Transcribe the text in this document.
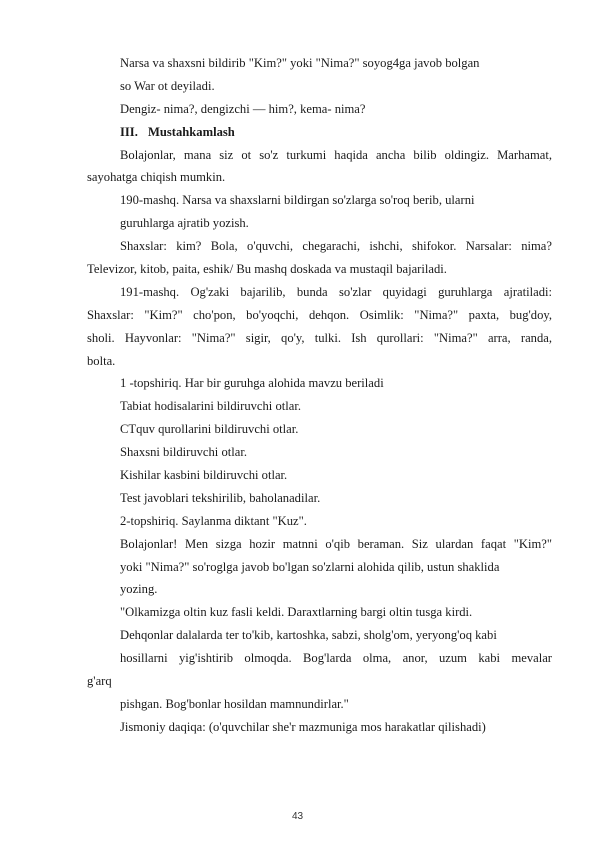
Narsa va shaxsni bildirib "Kim?" yoki "Nima?" soyog4ga javob bolgan
so War ot deyiladi.
Dengiz- nima?, dengizchi — him?, kema- nima?
III. Mustahkamlash
Bolajonlar, mana siz ot so'z turkumi haqida ancha bilib oldingiz. Marhamat,
sayohatga chiqish mumkin.
190-mashq. Narsa va shaxslarni bildirgan so'zlarga so'roq berib, ularni
guruhlarga ajratib yozish.
Shaxslar: kim? Bola, o'quvchi, chegarachi, ishchi, shifokor. Narsalar: nima?
Televizor, kitob, paita, eshik/ Bu mashq doskada va mustaqil bajariladi.
191-mashq. Og'zaki bajarilib, bunda so'zlar quyidagi guruhlarga ajratiladi:
Shaxslar: "Kim?" cho'pon, bo'yoqchi, dehqon. Osimlik: "Nima?" paxta, bug'doy,
sholi. Hayvonlar: "Nima?" sigir, qo'y, tulki. Ish qurollari: "Nima?" arra, randa,
bolta.
1 -topshiriq. Har bir guruhga alohida mavzu beriladi
Tabiat hodisalarini bildiruvchi otlar.
CTquv qurollarini bildiruvchi otlar.
Shaxsni bildiruvchi otlar.
Kishilar kasbini bildiruvchi otlar.
Test javoblari tekshirilib, baholanadilar.
2-topshiriq. Saylanma diktant "Kuz".
Bolajonlar! Men sizga hozir matnni o'qib beraman. Siz ulardan faqat "Kim?"
yoki "Nima?" so'roglga javob bo'lgan so'zlarni alohida qilib, ustun shaklida
yozing.
"Olkamizga oltin kuz fasli keldi. Daraxtlarning bargi oltin tusga kirdi.
Dehqonlar dalalarda ter to'kib, kartoshka, sabzi, sholg'om, yeryong'oq kabi
hosillarni yig'ishtirib olmoqda. Bog'larda olma, anor, uzum kabi mevalar
g'arq
pishgan. Bog'bonlar hosildan mamnundirlar."
Jismoniy daqiqa: (o'quvchilar she'r mazmuniga mos harakatlar qilishadi)
43
